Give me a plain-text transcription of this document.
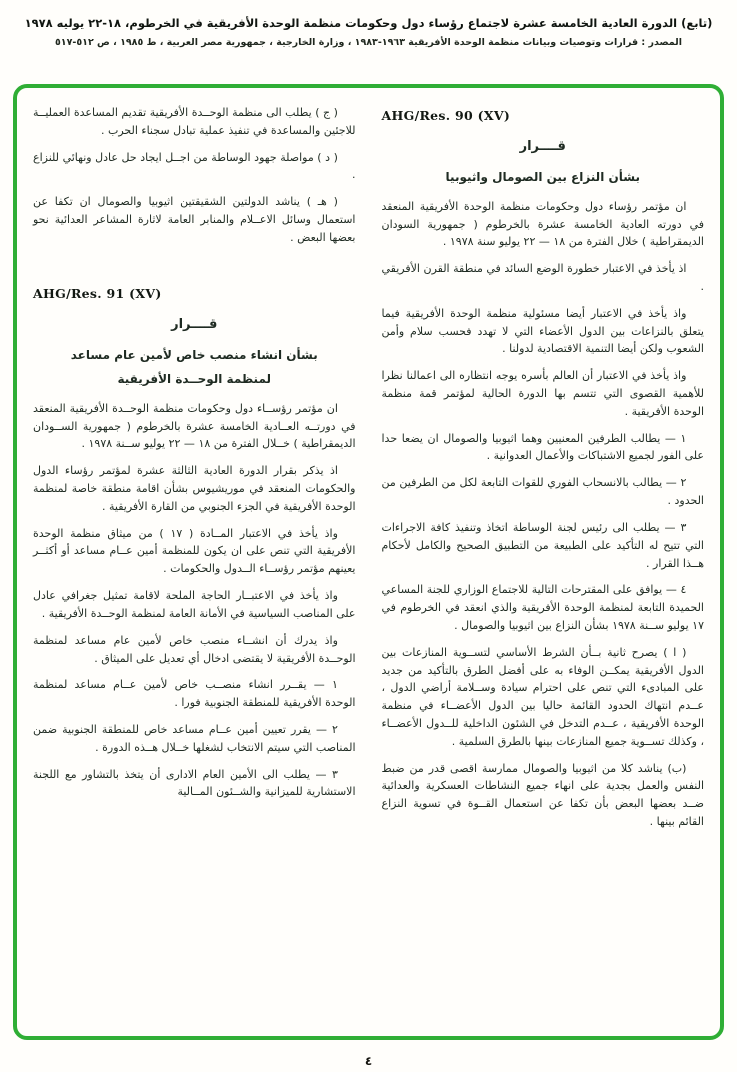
(تابع) الدورة العادية الخامسة عشرة لاجتماع رؤساء دول وحكومات منظمة الوحدة الأفريقية في الخرطوم، ١٨-٢٢ يوليه ١٩٧٨
المصدر : قرارات وتوصيات وبيانات منظمة الوحدة الأفريقية ١٩٦٣-١٩٨٣ ، وزارة الخارجية ، جمهورية مصر العربية ، ط ١٩٨٥ ، ص ٥١٢-٥١٧
AHG/Res. 90 (XV)
قــــرار
بشأن النزاع بين الصومال واثيوبيا

ان مؤتمر رؤساء دول وحكومات منظمة الوحدة الأفريقية المنعقد في دورته العادية الخامسة عشرة بالخرطوم ( جمهورية السودان الديمقراطية ) خلال الفترة من ١٨ — ٢٢ يوليو سنة ١٩٧٨ .

اذ يأخذ في الاعتبار خطورة الوضع السائد في منطقة القرن الأفريقي .

واذ يأخذ في الاعتبار أيضا مسئولية منظمة الوحدة الأفريقية فيما يتعلق بالنزاعات بين الدول الأعضاء التي لا تهدد فحسب سلام وأمن الشعوب ولكن أيضا التنمية الاقتصادية لدولنا .

واذ يأخذ في الاعتبار أن العالم بأسره يوجه انتظاره الى اعمالنا نظرا للأهمية القصوى التي تتسم بها الدورة الحالية لمؤتمر قمة منظمة الوحدة الأفريقية .

١ — يطالب الطرفين المعنيين وهما اثيوبيا والصومال ان يضعا حدا على الفور لجميع الاشتباكات والأعمال العدوانية .

٢ — يطالب بالانسحاب الفوري للقوات التابعة لكل من الطرفين من الحدود .

٣ — يطلب الى رئيس لجنة الوساطة اتخاذ وتنفيذ كافة الاجراءات التي تتيح له التأكيد على الطبيعة من التطبيق الصحيح والكامل لأحكام هــذا القرار .

٤ — يوافق على المقترحات التالية للاجتماع الوزاري للجنة المساعي الحميدة التابعة لمنظمة الوحدة الأفريقية والذي انعقد في الخرطوم في ١٧ يوليو ســنة ١٩٧٨ بشأن النزاع بين اثيوبيا والصومال .

( ا ) يصرح ثانية بــأن الشرط الأساسي لتســوية المنازعات بين الدول الأفريقية يمكــن الوفاء به على أفضل الطرق بالتأكيد من جديد على المبادىء التي تنص على احترام سيادة وســلامة أراضي الدول ، عــدم انتهاك الحدود القائمة حاليا بين الدول الأعضــاء في منظمة الوحدة الأفريقية ، عــدم التدخل في الشئون الداخلية للــدول الأعضــاء ، وكذلك تســوية جميع المنازعات بينها بالطرق السلمية .

(ب) يناشد كلا من اثيوبيا والصومال ممارسة اقصى قدر من ضبط النفس والعمل بجدية على انهاء جميع النشاطات العسكرية والعدائية ضــد بعضها البعض بأن تكفا عن استعمال القــوة في تسوية النزاع القائم بينها .

( ج ) يطلب الى منظمة الوحــدة الأفريقية تقديم المساعدة العمليــة للاجئين والمساعدة في تنفيذ عملية تبادل سجناء الحرب .

( د ) مواصلة جهود الوساطة من اجــل ايجاد حل عادل ونهائي للنزاع .

( هـ ) يناشد الدولتين الشقيقتين اثيوبيا والصومال ان تكفا عن استعمال وسائل الاعــلام والمنابر العامة لاثارة المشاعر العدائية نحو بعضها البعض .

AHG/Res. 91 (XV)
قــــرار
بشأن انشاء منصب خاص لأمين عام مساعد
لمنظمة الوحــدة الأفريقية

ان مؤتمر رؤســاء دول وحكومات منظمة الوحــدة الأفريقية المنعقد في دورتــه العــادية الخامسة عشرة بالخرطوم ( جمهورية الســودان الديمقراطية ) خــلال الفترة من ١٨ — ٢٢ يوليو ســنة ١٩٧٨ .

اذ يذكر بقرار الدورة العادية الثالثة عشرة لمؤتمر رؤساء الدول والحكومات المنعقد في موريشيوس بشأن اقامة منطقة خاصة لمنظمة الوحدة الأفريقية في الجزء الجنوبي من القارة الأفريقية .

واذ يأخذ في الاعتبار المــادة ( ١٧ ) من ميثاق منظمة الوحدة الأفريقية التي تنص على ان يكون للمنظمة أمين عــام مساعد أو أكثــر يعينهم مؤتمر رؤســاء الــدول والحكومات .

واذ يأخذ في الاعتبــار الحاجة الملحة لاقامة تمثيل جغرافي عادل على المناصب السياسية في الأمانة العامة لمنظمة الوحــدة الأفريقية .

واذ يدرك أن انشــاء منصب خاص لأمين عام مساعد لمنظمة الوحــدة الأفريقية لا يقتضى ادخال أي تعديل على الميثاق .

١ — يقــرر انشاء منصــب خاص لأمين عــام مساعد لمنظمة الوحدة الأفريقية للمنطقة الجنوبية فورا .

٢ — يقرر تعيين أمين عــام مساعد خاص للمنطقة الجنوبية ضمن المناصب التي سيتم الانتخاب لشغلها خــلال هــذه الدورة .

٣ — يطلب الى الأمين العام الادارى أن يتخذ بالتشاور مع اللجنة الاستشارية للميزانية والشــئون المــالية

٤
